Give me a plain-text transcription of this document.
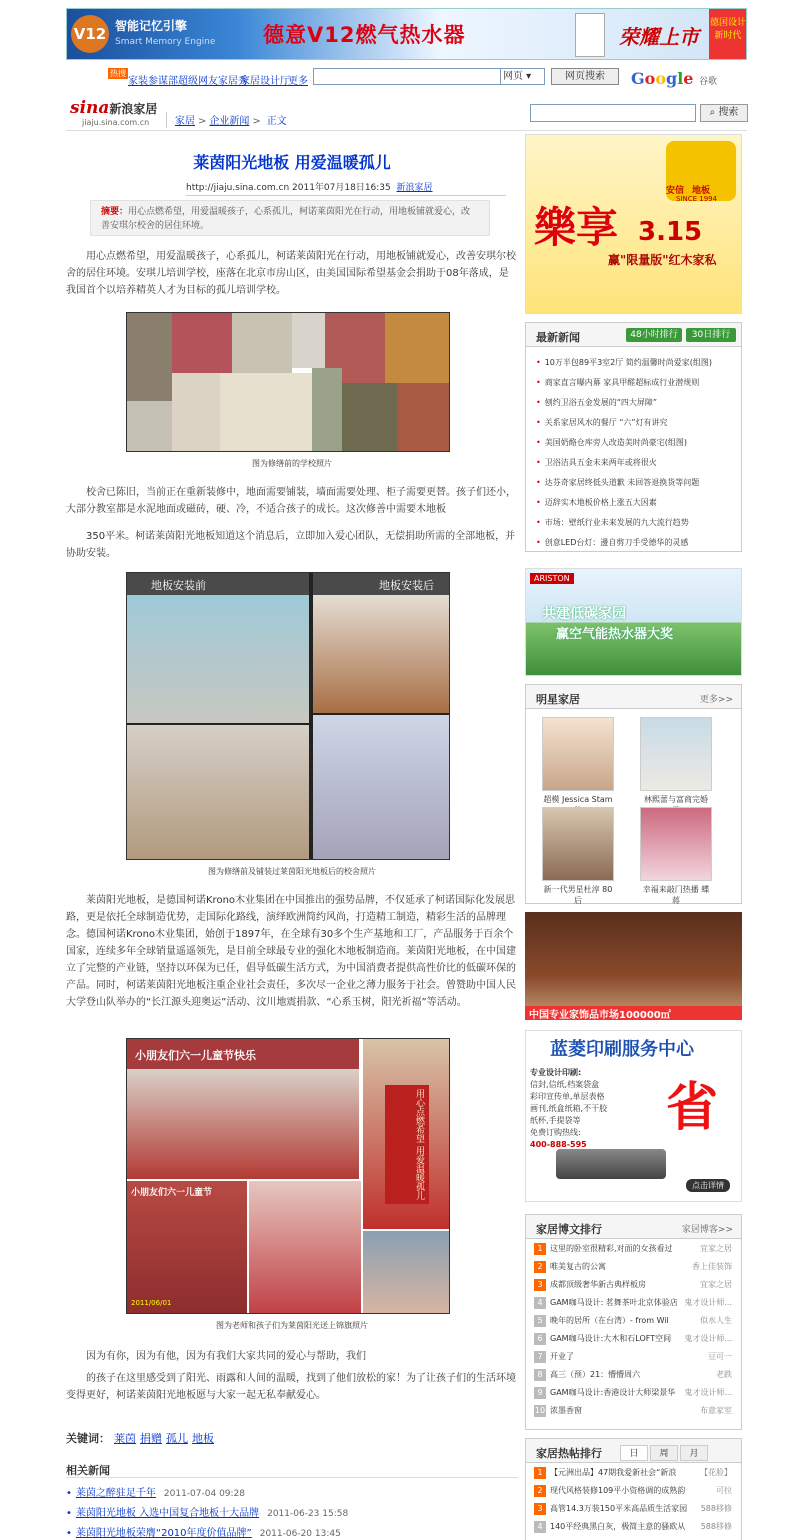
V12 智能记忆引擎
Smart Memory Engine 德意V12燃气热水器	荣耀上市
德国设计 新时代
热搜
家装参谋部 超级网友家居秀
家居设计厅
更多	网页 ▾	网页搜索	Google 谷歌
sina新浪家居
jiaju.sina.com.cn	家居 > 企业新闻 > 正文
⌕ 搜索
莱茵阳光地板 用爱温暖孤儿
http://jiaju.sina.com.cn 2011年07月18日16:35 新浪家居
摘要：用心点燃希望，用爱温暖孩子，心系孤儿，柯诺莱茵阳光在行动，用地板铺就爱心，改善安琪尔校舍的居住环境。
用心点燃希望，用爱温暖孩子，心系孤儿，柯诺莱茵阳光在行动，用地板铺就爱心，改善安琪尔校舍的居住环境。安琪儿培训学校，座落在北京市房山区，由美国国际希望基金会捐助于08年落成，是我国首个以培养精英人才为目标的孤儿培训学校。
图为修缮前的学校照片
校舍已陈旧，当前正在重新装修中，地面需要铺装，墙面需要处理、柜子需要更替。孩子们还小，大部分教室都是水泥地面或磁砖，硬、冷，不适合孩子的成长。这次修善中需要木地板
350平米。柯诺莱茵阳光地板知道这个消息后，立即加入爱心团队，无偿捐助所需的全部地板，并协助安装。
地板安装前	地板安装后
图为修缮前及铺装过莱茵阳光地板后的校舍照片
莱茵阳光地板，是德国柯诺Krono木业集团在中国推出的强势品牌，不仅延承了柯诺国际化发展思路，更是依托全球制造优势，走国际化路线，演绎欧洲简约风尚，打造精工制造，精彩生活的品牌理念。德国柯诺Krono木业集团，始创于1897年，在全球有30多个生产基地和工厂，产品服务于百余个国家，连续多年全球销量遥遥领先，是目前全球最专业的强化木地板制造商。莱茵阳光地板，在中国建立了完整的产业链，坚持以环保为已任，倡导低碳生活方式，为中国消费者提供高性价比的低碳环保的产品。同时，柯诺莱茵阳光地板注重企业社会责任，多次尽一企业之薄力服务于社会。曾赞助中国人民大学登山队举办的“长江源头迎奥运”活动、汶川地震捐款、“心系玉树，阳光祈福”等活动。
小朋友们六一儿童节快乐
用心点燃希望 用爱温暖孤儿
小朋友们六一儿童节
2011/06/01
图为老师和孩子们为莱茵阳光送上锦旗照片
因为有你，因为有他，因为有我们大家共同的爱心与帮助，我们
的孩子在这里感受到了阳光、雨露和人间的温暖，找到了他们放松的家！为了让孩子们的生活环境变得更好，柯诺莱茵阳光地板愿与大家一起无私奉献爱心。
关键词： 莱茵 捐赠 孤儿 地板
相关新闻
• 莱茵之醉驻足千年 2011-07-04 09:28
• 莱茵阳光地板 入选中国复合地板十大品牌 2011-06-23 15:58
• 莱茵阳光地板荣膺“2010年度价值品牌” 2011-06-20 13:45
安信 地板
SINCE 1994
樂享 3.15
赢"限量版"红木家私
最新新闻	48小时排行	30日排行
• 10万半包89平3室2厅 简约温馨时尚爱家(组图)
• 商家直言曝内幕 家具甲醛超标成行业潜规则
• 刨约卫浴五金发展的“四大屏障”
• 关系家居风水的餐厅 “六”灯有讲究
• 美国奶酪仓库旁人改造美时尚豪宅(组图)
• 卫浴洁具五金未来两年或将很火
• 达芬奇家居终低头道歉 未回答退换货等问题
• 迈辞实木地板价格上涨五大因素
• 市场：壁纸行业未来发展的九大流行趋势
• 创意LED台灯：邊自剪刀手受德华的灵感
ARISTON
共建低碳家园
赢空气能热水器大奖
明星家居	更多>>
超模 Jessica Stam	林熙蕾与富商完婚
新一代男星杜淳 80后
幸福来敲门热播 蝶蒋
中国专业家饰品市场100000㎡
蓝菱印刷服务中心
专业设计印刷:
信封,信纸,档案袋盒
彩印宣传单,单层表格
画刊,纸盒纸箱,不干胶
纸杯,手提袋等
免费订购热线:
400-888-595
省
点击详情
家居博文排行	家居博客>>
1 这里的卧室很精彩,对面的女孩看过	宜家之居
2 唯美复古的公寓	香上佳装饰
3 成都顶级奢华新古典样板房	宜家之居
4 GAM咖马设计: 茗舞茶叶北京体验店 鬼才设计师...
5 晚年的居所（在台湾）- from Wil	似水人生
6 GAM咖马设计:大木和石LOFT空间 鬼才设计师...
7 开业了	豆可一
8 高三（预）21：懵懵周六	老跌
9 GAM咖马设计:香港设计大师梁景华 鬼才设计师...
10 浓墨香窗	布意家室
家居热帖排行	日	周	月
1 【元洲出品】47期我爱新社会“新浪	【花脸】
2 现代风格装修109平小资格调的成熟韵	可拉
3 高管14.3万装150平米高品质生活家园 588移修
4 140平经典黑白灰，极简主意的骚欧从 588移修
